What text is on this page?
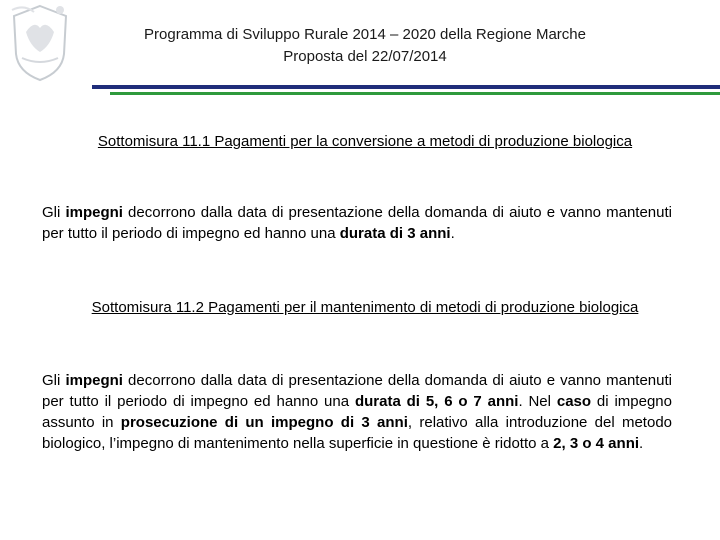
Programma di Sviluppo Rurale 2014 – 2020 della Regione Marche
Proposta del 22/07/2014
Sottomisura 11.1 Pagamenti per la conversione a metodi di produzione biologica
Gli impegni decorrono dalla data di presentazione della domanda di aiuto e vanno mantenuti per tutto il periodo di impegno ed hanno una durata di 3 anni.
Sottomisura 11.2 Pagamenti per il mantenimento di metodi di produzione biologica
Gli impegni decorrono dalla data di presentazione della domanda di aiuto e vanno mantenuti per tutto il periodo di impegno ed hanno una durata di 5, 6 o 7 anni. Nel caso di impegno assunto in prosecuzione di un impegno di 3 anni, relativo alla introduzione del metodo biologico, l’impegno di mantenimento nella superficie in questione è ridotto a 2, 3 o 4 anni.
